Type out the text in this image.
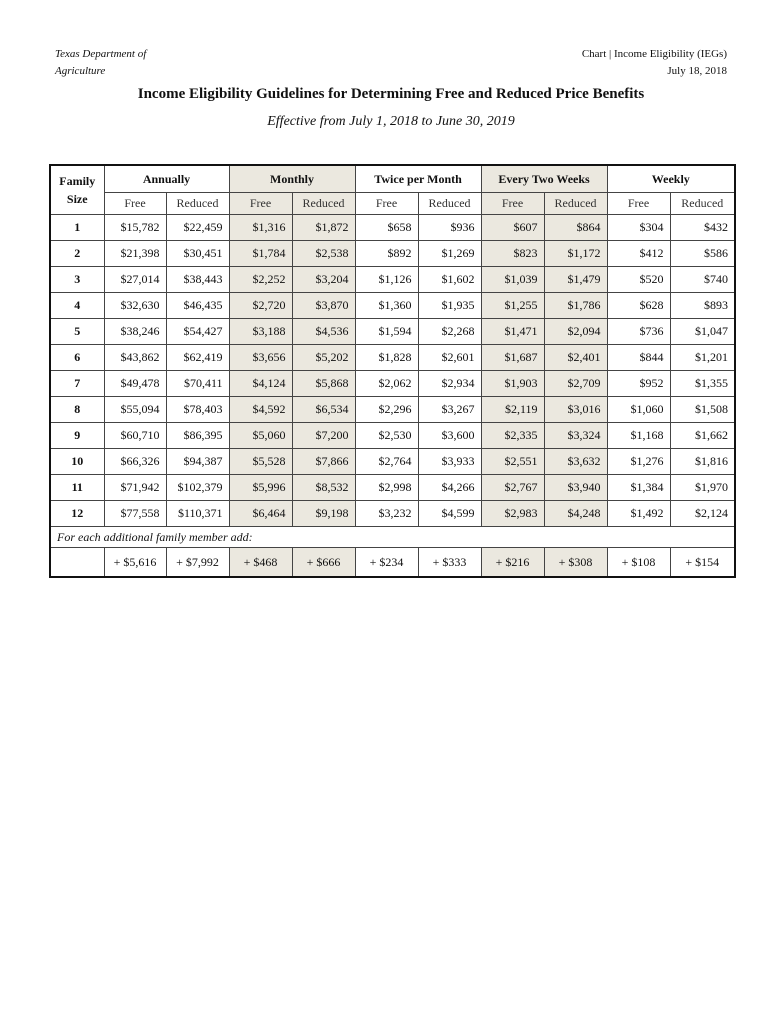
Texas Department of
Agriculture
Chart | Income Eligibility (IEGs)
July 18, 2018
Income Eligibility Guidelines for Determining Free and Reduced Price Benefits
Effective from July 1, 2018 to June 30, 2019
Family
Size	Annually		Monthly		Twice per Month		Every Two Weeks		Weekly	
	Free	Reduced	Free	Reduced	Free	Reduced	Free	Reduced	Free	Reduced
1	$15,782	$22,459	$1,316	$1,872	$658	$936	$607	$864	$304	$432
2	$21,398	$30,451	$1,784	$2,538	$892	$1,269	$823	$1,172	$412	$586
3	$27,014	$38,443	$2,252	$3,204	$1,126	$1,602	$1,039	$1,479	$520	$740
4	$32,630	$46,435	$2,720	$3,870	$1,360	$1,935	$1,255	$1,786	$628	$893
5	$38,246	$54,427	$3,188	$4,536	$1,594	$2,268	$1,471	$2,094	$736	$1,047
6	$43,862	$62,419	$3,656	$5,202	$1,828	$2,601	$1,687	$2,401	$844	$1,201
7	$49,478	$70,411	$4,124	$5,868	$2,062	$2,934	$1,903	$2,709	$952	$1,355
8	$55,094	$78,403	$4,592	$6,534	$2,296	$3,267	$2,119	$3,016	$1,060	$1,508
9	$60,710	$86,395	$5,060	$7,200	$2,530	$3,600	$2,335	$3,324	$1,168	$1,662
10	$66,326	$94,387	$5,528	$7,866	$2,764	$3,933	$2,551	$3,632	$1,276	$1,816
11	$71,942	$102,379	$5,996	$8,532	$2,998	$4,266	$2,767	$3,940	$1,384	$1,970
12	$77,558	$110,371	$6,464	$9,198	$3,232	$4,599	$2,983	$4,248	$1,492	$2,124
For each additional family member add:										
	+ $5,616	+ $7,992	+ $468	+ $666	+ $234	+ $333	+ $216	+ $308	+ $108	+ $154
